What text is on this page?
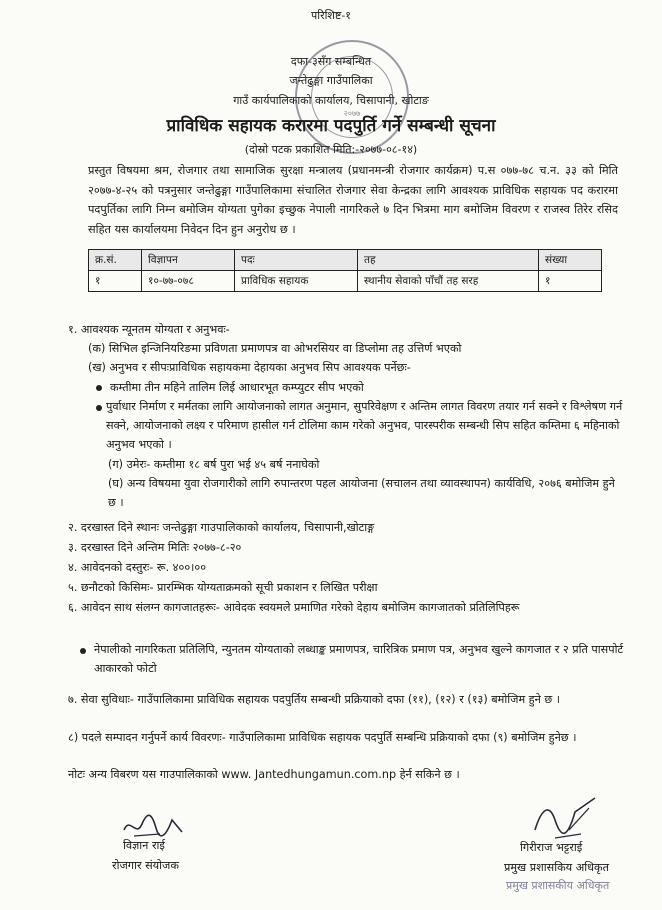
परिशिष्ट-१
दफा-३सँग सम्बन्धित
जन्तेढुङ्गा गाउँपालिका
गाउँ कार्यपालिकाको कार्यालय, चिसापानी, खोटाङ
२०७७
प्राविधिक सहायक करारमा पदपुर्ति गर्ने सम्बन्धी सूचना
(दोस्रो पटक प्रकाशित मिति:-२०७७-०८-१४)
प्रस्तुत विषयमा श्रम, रोजगार तथा सामाजिक सुरक्षा मन्त्रालय (प्रधानमन्त्री रोजगार कार्यक्रम) प.स ०७७-७८ च.न. ३३ को मिति २०७७-४-२५ को पत्रनुसार जन्तेढुङ्गा गाउँपालिकामा संचालित रोजगार सेवा केन्द्रका लागि आवश्यक प्राविधिक सहायक पद करारमा पदपुर्तिका लागि निम्न बमोजिम योग्यता पुगेका इच्छुक नेपाली नागरिकले ७ दिन भित्रमा माग बमोजिम विवरण र राजस्व तिरेर रसिद सहित यस कार्यालयमा निवेदन दिन हुन अनुरोध छ ।
क्र.सं.	विज्ञापन	पदः	तह	संख्या
१	१०-७७-०७८	प्राविधिक सहायक	स्थानीय सेवाको पाँचौं तह सरह	१
१. आवश्यक न्यूनतम योग्यता र अनुभवः-
(क) सिभिल इन्जिनियरिङमा प्रविणता प्रमाणपत्र वा ओभरसियर वा डिप्लोमा तह उत्तिर्ण भएको
(ख) अनुभव र सीपःप्राविधिक सहायकमा देहायका अनुभव सिप आवश्यक पर्नेछः-
कम्तीमा तीन महिने तालिम लिई आधारभूत कम्प्युटर सीप भएको
पुर्वाधार निर्माण र मर्मतका लागि आयोजनाको लागत अनुमान, सुपरिवेक्षण र अन्तिम लागत विवरण तयार गर्न सक्ने र विश्लेषण गर्न सक्ने, आयोजनाको लक्ष्य र परिमाण हासील गर्न टोलिमा काम गरेको अनुभव, पारस्परीक सम्बन्धी सिप सहित कम्तिमा ६ महिनाको अनुभव भएको ।
(ग) उमेरः- कम्तीमा १८ बर्ष पुरा भई ४५ बर्ष ननाघेको
(घ) अन्य विषयमा युवा रोजगारीको लागि रुपान्तरण पहल आयोजना (सचालन तथा व्यावस्थापन) कार्यविधि, २०७६ बमोजिम हुने छ ।
२. दरखास्त दिने स्थानः जन्तेढुङ्गा गाउपालिकाको कार्यालय, चिसापानी,खोटाङ्ग
३. दरखास्त दिने अन्तिम मितिः २०७७-८-२०
४. आवेदनको दस्तुरः- रू. ४००।००
५. छनौटको किसिमः- प्रारम्भिक योग्यताक्रमको सूची प्रकाशन र लिखित परीक्षा
६. आवेदन साथ संलग्न कागजातहरूः- आवेदक स्वयमले प्रमाणित गरेको देहाय बमोजिम कागजातको प्रतिलिपिहरू
नेपालीको नागरिकता प्रतिलिपि, न्युनतम योग्यताको लब्धाङ्क प्रमाणपत्र, चारित्रिक प्रमाण पत्र, अनुभव खुल्ने कागजात र २ प्रति पासपोर्ट आकारको फोटो
७. सेवा सुविधाः- गाउँपालिकामा प्राविधिक सहायक पदपुर्तिय सम्बन्धी प्रक्रियाको दफा (११), (१२) र (१३) बमोजिम हुने छ ।
८) पदले सम्पादन गर्नुपर्ने कार्य विवरणः- गाउँपालिकामा प्राविधिक सहायक पदपुर्ति सम्बन्धि प्रक्रियाको दफा (९) बमोजिम हुनेछ ।
नोटः अन्य विबरण यस गाउपालिकाको www. Jantedhungamun.com.np हेर्न सकिने छ ।
विज्ञान राई
रोजगार संयोजक
गिरीराज भट्टराई
प्रमुख प्रशासकिय अधिकृत
प्रमुख प्रशासकीय अधिकृत
